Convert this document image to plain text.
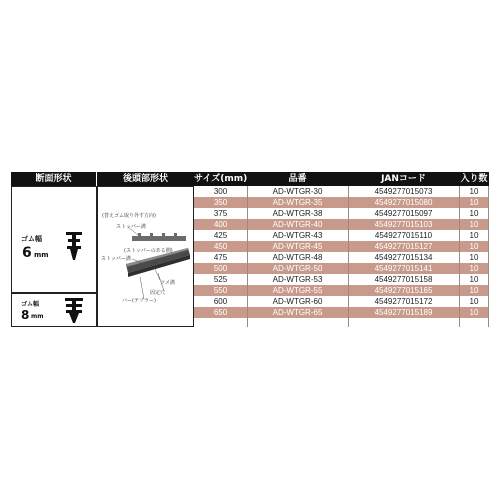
断面形状	後頭部形状	サイズ(mm)	品番	JANコード	入り数
ゴム幅
6 mm
ゴム幅
8 mm
(替えゴム取り外す方向)
ストッパー溝
(ストッパーのある側)
ストッパー溝
ツメ溝
固定穴
バー(テプラー)
300	AD-WTGR-30	4549277015073	10
350	AD-WTGR-35	4549277015080	10
375	AD-WTGR-38	4549277015097	10
400	AD-WTGR-40	4549277015103	10
425	AD-WTGR-43	4549277015110	10
450	AD-WTGR-45	4549277015127	10
475	AD-WTGR-48	4549277015134	10
500	AD-WTGR-50	4549277015141	10
525	AD-WTGR-53	4549277015158	10
550	AD-WTGR-55	4549277015165	10
600	AD-WTGR-60	4549277015172	10
650	AD-WTGR-65	4549277015189	10
